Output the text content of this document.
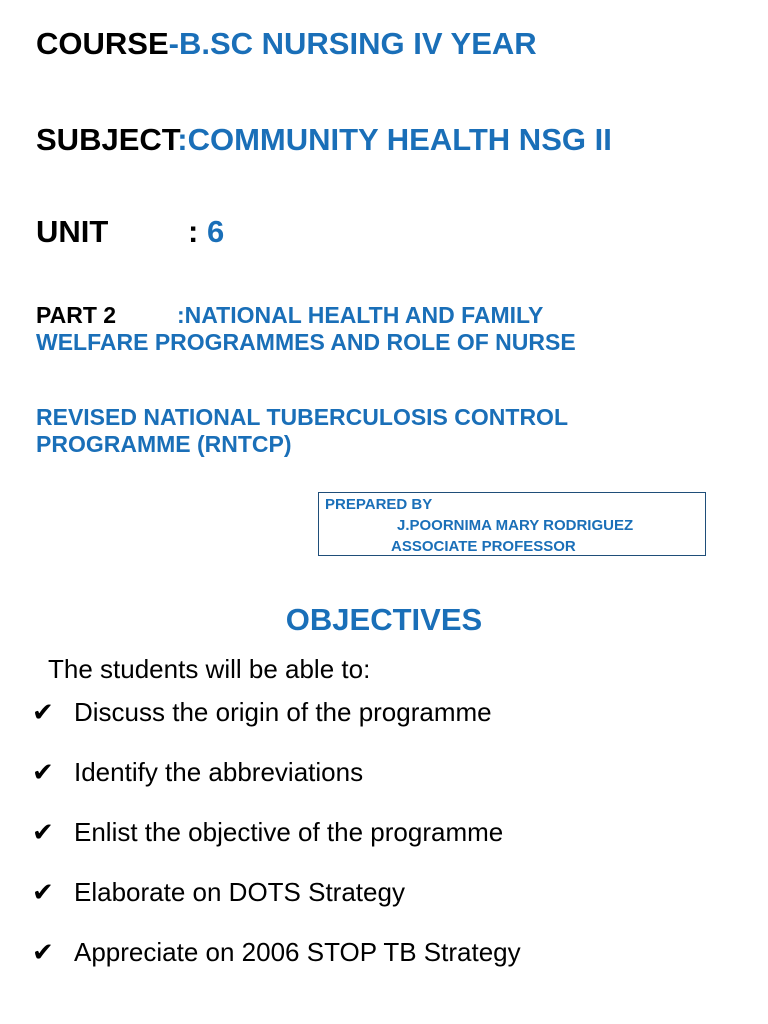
COURSE-B.SC NURSING IV YEAR
SUBJECT:COMMUNITY HEALTH NSG II
UNIT	: 6
PART 2	:NATIONAL HEALTH AND FAMILY
WELFARE PROGRAMMES AND ROLE OF NURSE
REVISED NATIONAL TUBERCULOSIS CONTROL
PROGRAMME (RNTCP)
PREPARED BY
J.POORNIMA MARY RODRIGUEZ
ASSOCIATE PROFESSOR
OBJECTIVES
The students will be able to:
✔ Discuss the origin of the programme
✔ Identify the abbreviations
✔ Enlist the objective of the programme
✔ Elaborate on DOTS Strategy
✔ Appreciate on 2006 STOP TB Strategy
